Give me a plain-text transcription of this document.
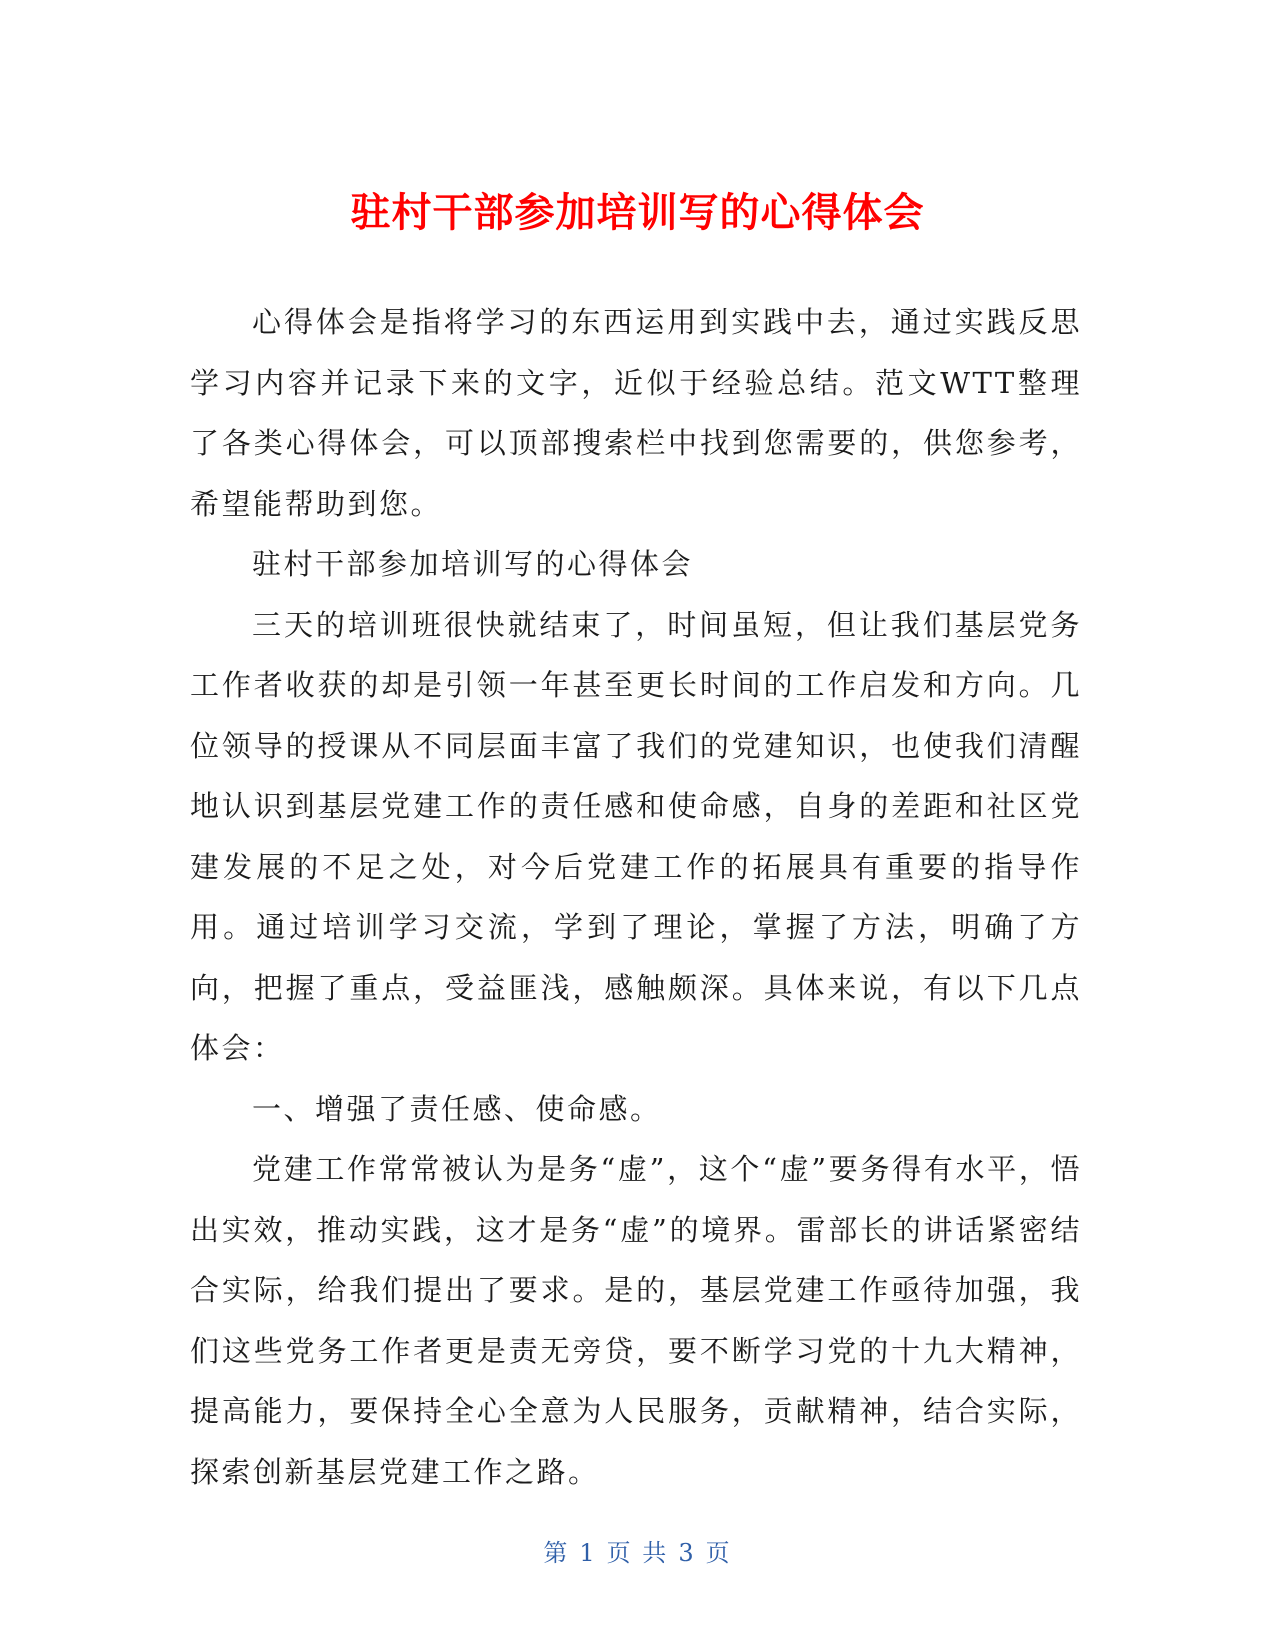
驻村干部参加培训写的心得体会

心得体会是指将学习的东西运用到实践中去，通过实践反思学习内容并记录下来的文字，近似于经验总结。范文WTT整理了各类心得体会，可以顶部搜索栏中找到您需要的，供您参考，希望能帮助到您。

驻村干部参加培训写的心得体会

三天的培训班很快就结束了，时间虽短，但让我们基层党务工作者收获的却是引领一年甚至更长时间的工作启发和方向。几位领导的授课从不同层面丰富了我们的党建知识，也使我们清醒地认识到基层党建工作的责任感和使命感，自身的差距和社区党建发展的不足之处，对今后党建工作的拓展具有重要的指导作用。通过培训学习交流，学到了理论，掌握了方法，明确了方向，把握了重点，受益匪浅，感触颇深。具体来说，有以下几点体会：

一、增强了责任感、使命感。

党建工作常常被认为是务“虚”，这个“虚”要务得有水平，悟出实效，推动实践，这才是务“虚”的境界。雷部长的讲话紧密结合实际，给我们提出了要求。是的，基层党建工作亟待加强，我们这些党务工作者更是责无旁贷，要不断学习党的十九大精神，提高能力，要保持全心全意为人民服务，贡献精神，结合实际，探索创新基层党建工作之路。

第 1 页 共 3 页
